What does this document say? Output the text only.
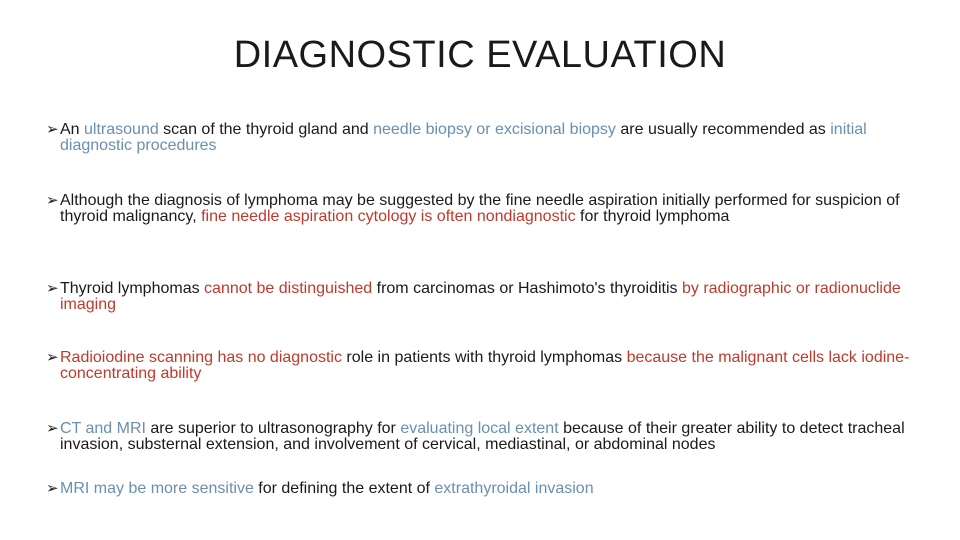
DIAGNOSTIC EVALUATION
➢ An ultrasound scan of the thyroid gland and needle biopsy or excisional biopsy are usually recommended as initial diagnostic procedures
➢ Although the diagnosis of lymphoma may be suggested by the fine needle aspiration initially performed for suspicion of thyroid malignancy, fine needle aspiration cytology is often nondiagnostic for thyroid lymphoma
➢ Thyroid lymphomas cannot be distinguished from carcinomas or Hashimoto's thyroiditis by radiographic or radionuclide imaging
➢ Radioiodine scanning has no diagnostic role in patients with thyroid lymphomas because the malignant cells lack iodine-concentrating ability
➢ CT and MRI are superior to ultrasonography for evaluating local extent because of their greater ability to detect tracheal invasion, substernal extension, and involvement of cervical, mediastinal, or abdominal nodes
➢ MRI may be more sensitive for defining the extent of extrathyroidal invasion
